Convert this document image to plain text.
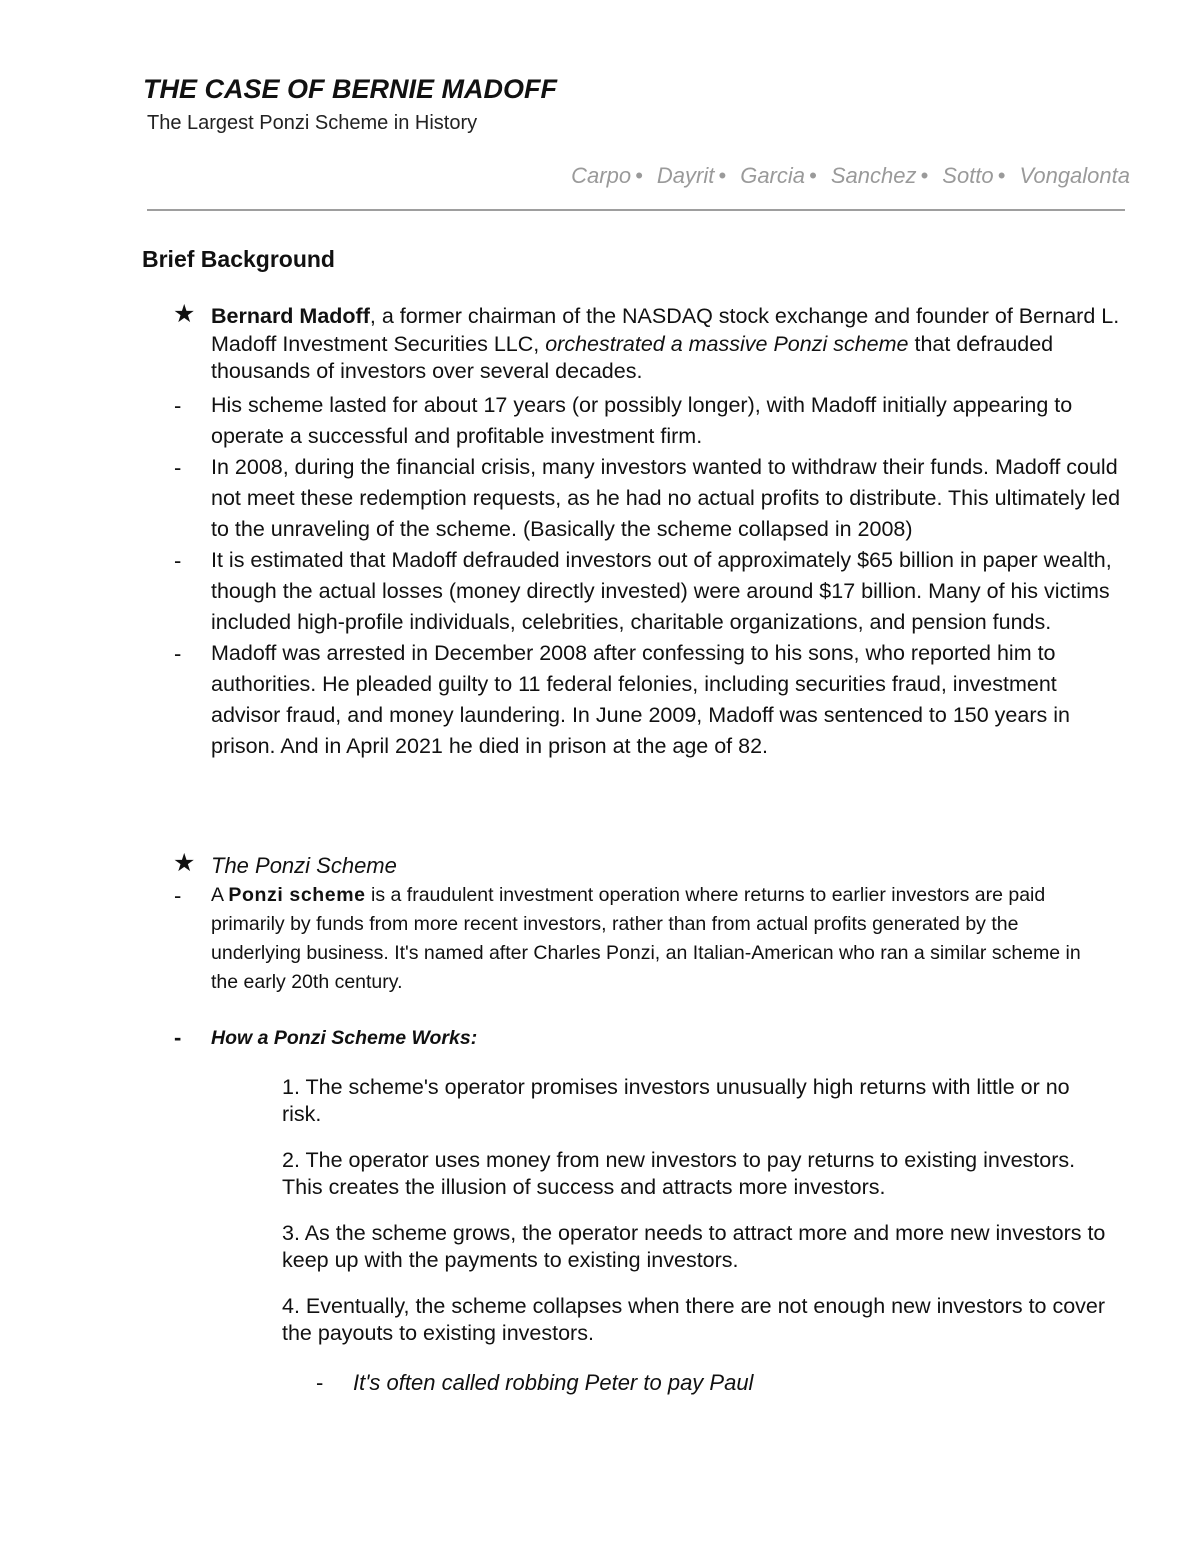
THE CASE OF BERNIE MADOFF
The Largest Ponzi Scheme in History
Carpo • Dayrit • Garcia • Sanchez • Sotto • Vongalonta
Brief Background
★ Bernard Madoff, a former chairman of the NASDAQ stock exchange and founder of Bernard L. Madoff Investment Securities LLC, orchestrated a massive Ponzi scheme that defrauded thousands of investors over several decades.
- His scheme lasted for about 17 years (or possibly longer), with Madoff initially appearing to operate a successful and profitable investment firm.
- In 2008, during the financial crisis, many investors wanted to withdraw their funds. Madoff could not meet these redemption requests, as he had no actual profits to distribute. This ultimately led to the unraveling of the scheme. (Basically the scheme collapsed in 2008)
- It is estimated that Madoff defrauded investors out of approximately $65 billion in paper wealth, though the actual losses (money directly invested) were around $17 billion. Many of his victims included high-profile individuals, celebrities, charitable organizations, and pension funds.
- Madoff was arrested in December 2008 after confessing to his sons, who reported him to authorities. He pleaded guilty to 11 federal felonies, including securities fraud, investment advisor fraud, and money laundering. In June 2009, Madoff was sentenced to 150 years in prison. And in April 2021 he died in prison at the age of 82.
★ The Ponzi Scheme
- A Ponzi scheme is a fraudulent investment operation where returns to earlier investors are paid primarily by funds from more recent investors, rather than from actual profits generated by the underlying business. It's named after Charles Ponzi, an Italian-American who ran a similar scheme in the early 20th century.
- How a Ponzi Scheme Works:

1. The scheme's operator promises investors unusually high returns with little or no risk.

2. The operator uses money from new investors to pay returns to existing investors. This creates the illusion of success and attracts more investors.

3. As the scheme grows, the operator needs to attract more and more new investors to keep up with the payments to existing investors.

4. Eventually, the scheme collapses when there are not enough new investors to cover the payouts to existing investors.

- It's often called robbing Peter to pay Paul
